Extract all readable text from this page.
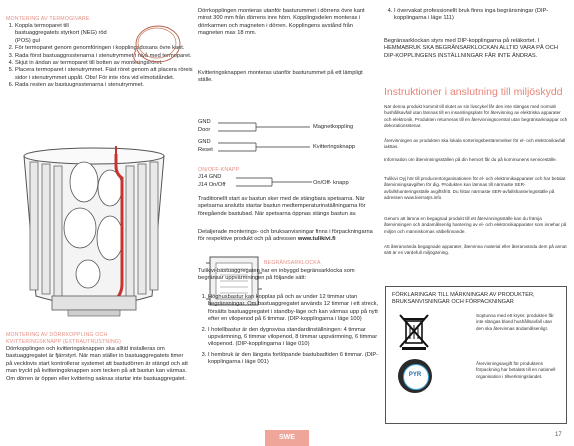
MONTERING AV TERMOGIVARE
1. Koppla termoparet till bastuaggregatets styrkort (NEG) röd (POS) gul
2. För termoparet genom genomföringen i kopplingsdosans övre kant.
3. Rada först bastuaggnsstenarna i stenutrymmet i nivå med termoparet.
4. Skjut in ändan av termoparet till botten av monteringsröret.
5. Placera termoparet i stenutrymmet. Fäst röret genom att placera röreis sidor i stenutrymmet uppåt. Obs! För inte röra vid elmotståndet.
6. Rada resten av bastuugnsstenarna i stenutrymmet.
MONTERING AV DÖRRKOPPLING OCH
KVITTERINGSKNAPP (EXTRAUTRUSTNING)
Dörrkopplingen och kvitteringsknappen ska alltid installeras om bastuaggregatet är fjärrstyrt. När man ställer in bastuaggregatets timer på vecklovis start kontrollerar systemet att bastudörren är stängd och att man tryckt på kvitteringsknappen som tecken på att bastun kan värmas. Om dörren är öppen eller kvittering saknas startar inte bastuaggregatet.
Dörrkopplingen monteras utanför basturummet i dörrens övre kant minst 300 mm från dörrens inre hörn. Kopplingsdelen monteras i dörrkarmen och magneten i dörren. Kopplingens avstånd från magneten max 18 mm.
Kvitteringsknappen monteras utanför basturummet på ett lämpligt ställe.
GND
Door
GND
Reset
Magnetkoppling
Kvitteringsknapp
ON/OFF-KNAPP
J14 GND
J14 On/Off	On/Off- knapp
Traditionellt start av bastun sker med de stängbara spetsarna. När spetsarna anslutts startar bastun medtemperaturinställningarna för föregående bastubad. När spetsarna öppnas stängs bastun av.
Detaljerade monterings- och bruksanvisningar finns i förpackningarna för respektive produkt och på adressen www.tulikivi.fi
BEGRÄNSARKLOCKA
Tulikivi-bastuaggregaten har en inbyggd begränsarklocka som begränsar uppvärmningen på följande sätt:
1. Höghusbastur kan kopplas på och av under 12 timmar utan begränsningar. Om bastuaggregatet används 12 timmar i ett streck, försätts bastuaggregatet i standby-läge och kan värmas upp på nytt efter en vilopenod på 6 timmar. (DIP-kopplingarna i läge 100)
2. I hotellbastur är den dygnsvisa standardinställningen: 4 timmar uppvärmning, 6 timmar vilopenod, 8 timmar uppvärmning, 6 timmar vilopenod. (DIP-kopplingarna i läge 010)
3. I hembruk är den längsta fortlöpande bastubadtiden 6 timmar. (DIP-kopplingarna i läge 001)
4. I övervakat professionellt bruk finns inga begränsningar (DIP-kopplingarna i läge 111)
Begränsarklockan styrs med DIP-kopplingarna på reläkortet. I HEMMABRUK SKA BEGRÄNSARKLOCKAN ALLTID VARA PÅ OCH DIP-KOPPLINGENS INSTÄLLNINGAR FÅR INTE ÄNDRAS.
Instruktioner i anslutning till miljöskydd
När denna produkt kommit till slutet av sin livscykel får den inte slängas med normalt hushållsavfall utan lämnas till en insamlingsplats för återvinning av elektriska apparater och elektronik. Produkten returneras till en återvinningscentral utan begränsarknappar och dekorationsstenar.
Återvinningen av produkten ska lokala sorteringsbestämmelser för el- och elektronikavfall iakttas.
Information om återvinningsställen på din hemort får du på kommunens serviceställe.
Tulikivi Oyj hör till producentorganisationen för el- och elektronikapparater och har betalat återvinningsavgiften för dig. Produkten kan lämnas till närmaste SER-avfallshanteringsställe avgiftsfritt. Du hittar närmaste SER-avfallshanteringsställe på adressen www.kierratys.info
Genom att lämna en begagnad produkt till ett återvinningsställe kan du främja återvinningen och ändamålsenlig hantering av el- och elektronikapparater som innehar på miljön och människornas välbefinnande.
Att återanvända begagnade apparater, återvinna material eller återanvända dem på annat sätt är en värdefull miljögärning.
FÖRKLARINGAR TILL MÄRKNINGAR AV PRODUKTER, BRUKSANVISNINGAR OCH FÖRPACKNINGAR
Soptunna med ett kryss: produkten får inte slängas bland hushållsavfall utan den ska återvinnas ändamålsenligt.
PYR
Återvinningsavgift för produktens förpackning har betalats till en nationell organisation i tillverkningslandet.
SWE	17
